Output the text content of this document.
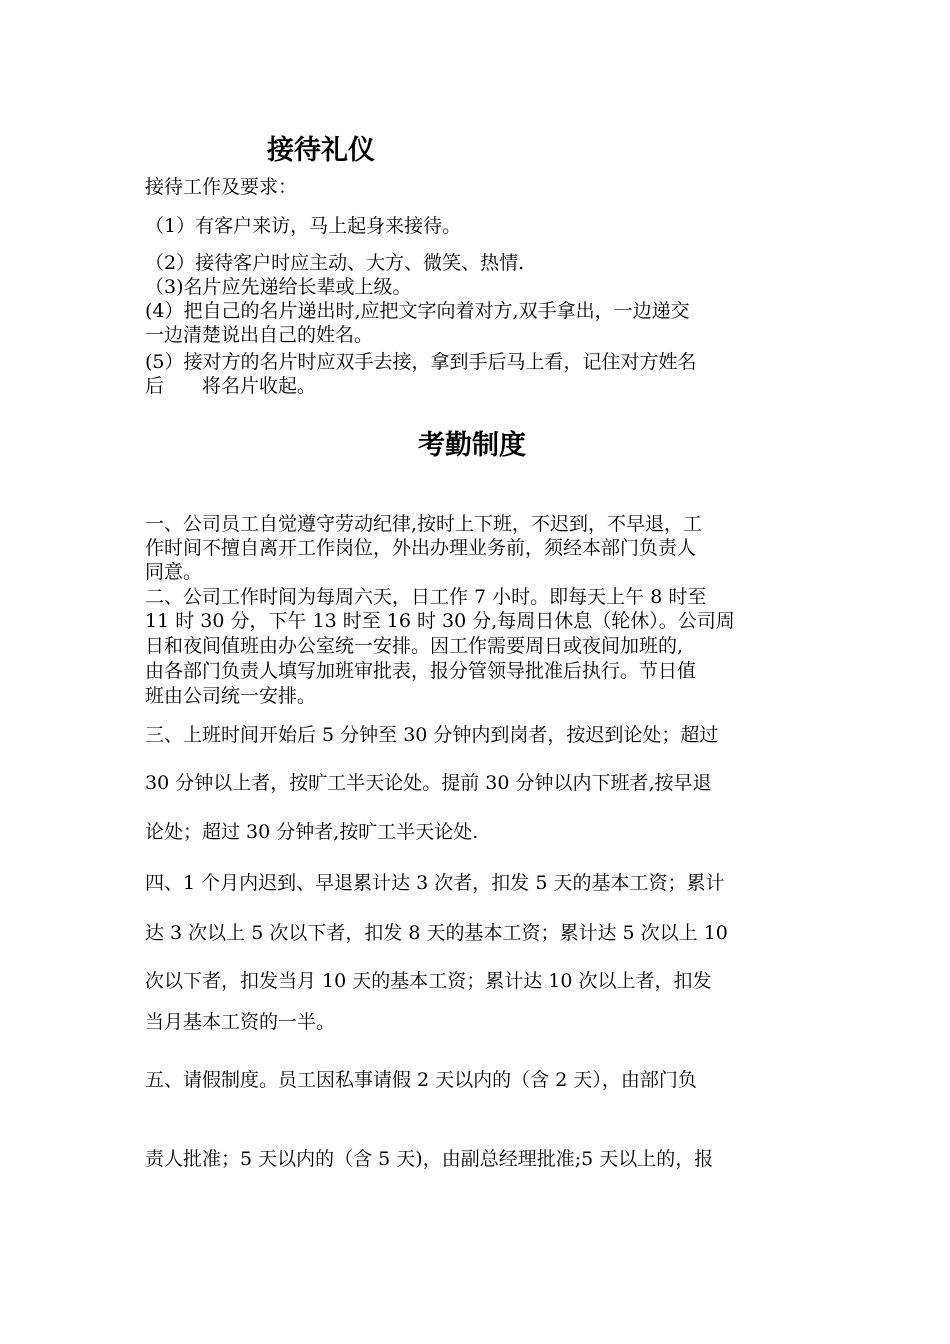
接待礼仪
接待工作及要求：
（1）有客户来访，马上起身来接待。
（2）接待客户时应主动、大方、微笑、热情.
（3)名片应先递给长辈或上级。
(4）把自己的名片递出时,应把文字向着对方,双手拿出，一边递交
一边清楚说出自己的姓名。
(5）接对方的名片时应双手去接，拿到手后马上看，记住对方姓名
后　　将名片收起。
考勤制度
一、公司员工自觉遵守劳动纪律,按时上下班，不迟到，不早退，工
作时间不擅自离开工作岗位，外出办理业务前，须经本部门负责人
同意。
二、公司工作时间为每周六天，日工作 7 小时。即每天上午 8 时至
11 时 30 分，下午 13 时至 16 时 30 分,每周日休息（轮休）。公司周
日和夜间值班由办公室统一安排。因工作需要周日或夜间加班的,
由各部门负责人填写加班审批表，报分管领导批准后执行。节日值
班由公司统一安排。
三、上班时间开始后 5 分钟至 30 分钟内到岗者，按迟到论处；超过
30 分钟以上者，按旷工半天论处。提前 30 分钟以内下班者,按早退
论处；超过 30 分钟者,按旷工半天论处.
四、1 个月内迟到、早退累计达 3 次者，扣发 5 天的基本工资；累计
达 3 次以上 5 次以下者，扣发 8 天的基本工资；累计达 5 次以上 10
次以下者，扣发当月 10 天的基本工资；累计达 10 次以上者，扣发
当月基本工资的一半。
五、请假制度。员工因私事请假 2 天以内的（含 2 天），由部门负
责人批准；5 天以内的（含 5 天)，由副总经理批准;5 天以上的，报
